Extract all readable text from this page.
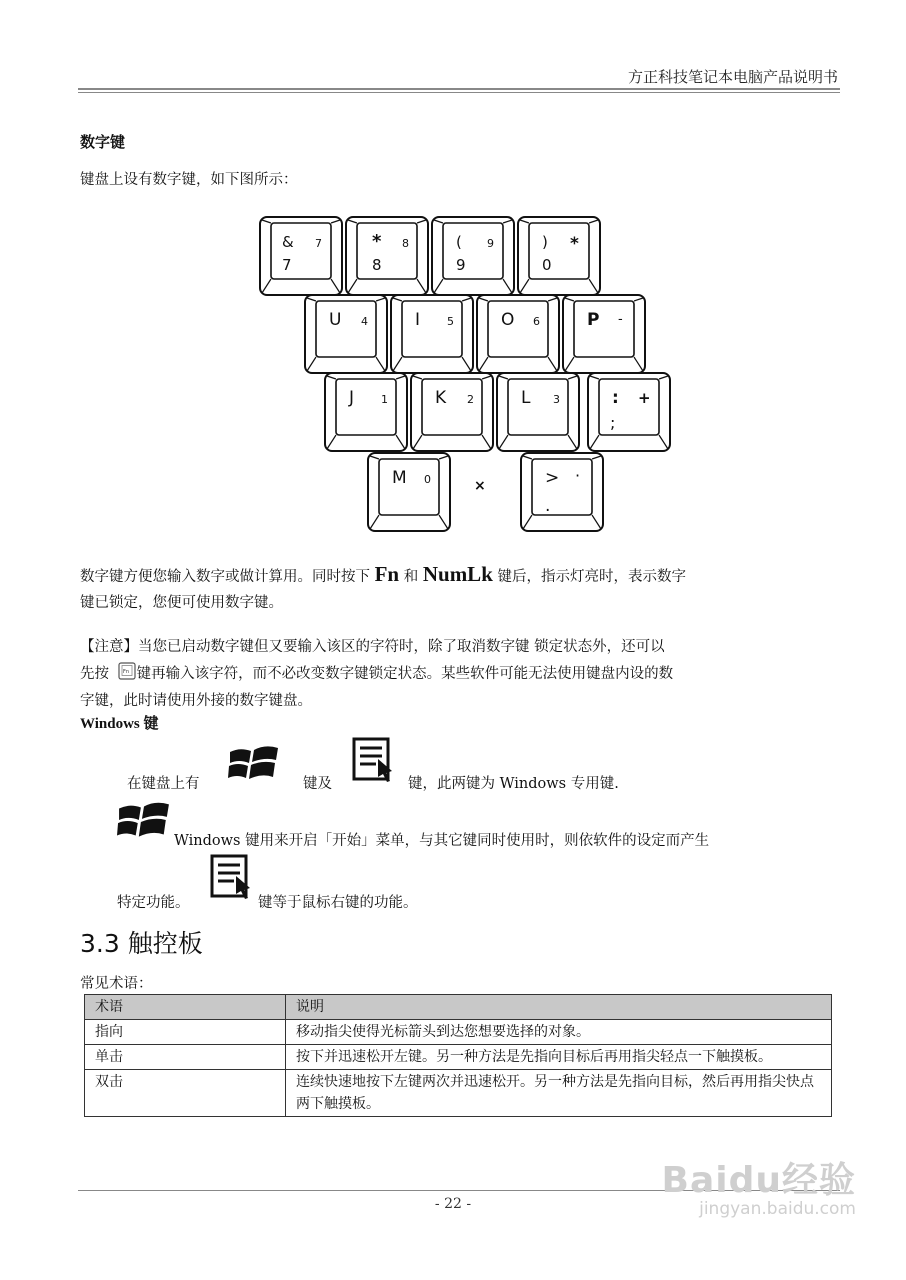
方正科技笔记本电脑产品说明书
数字键
键盘上设有数字键，如下图所示：
& 7
7
* 8
8
( 9
9
) *
0
U 4	I 5	O 6	P -
J 1	K 2	L 3	: +
;
M 0	×	> ·
.
数字键方便您输入数字或做计算用。同时按下 Fn 和 NumLk 键后，指示灯亮时，表示数字
键已锁定，您便可使用数字键。
【注意】当您已启动数字键但又要输入该区的字符时，除了取消数字键 锁定状态外，还可以
先按	Fn 键再输入该字符，而不必改变数字键锁定状态。某些软件可能无法使用键盘内设的数
字键，此时请使用外接的数字键盘。
Windows 键
在键盘上有	键及	键，此两键为 Windows 专用键.
Windows 键用来开启「开始」菜单，与其它键同时使用时，则依软件的设定而产生
特定功能。	键等于鼠标右键的功能。
3.3 触控板
常见术语：
术语	说明
指向	移动指尖使得光标箭头到达您想要选择的对象。
单击	按下并迅速松开左键。另一种方法是先指向目标后再用指尖轻点一下触摸板。
双击	连续快速地按下左键两次并迅速松开。另一种方法是先指向目标，然后再用指尖快点两下触摸板。
- 22 -
Baidu经验
jingyan.baidu.com
